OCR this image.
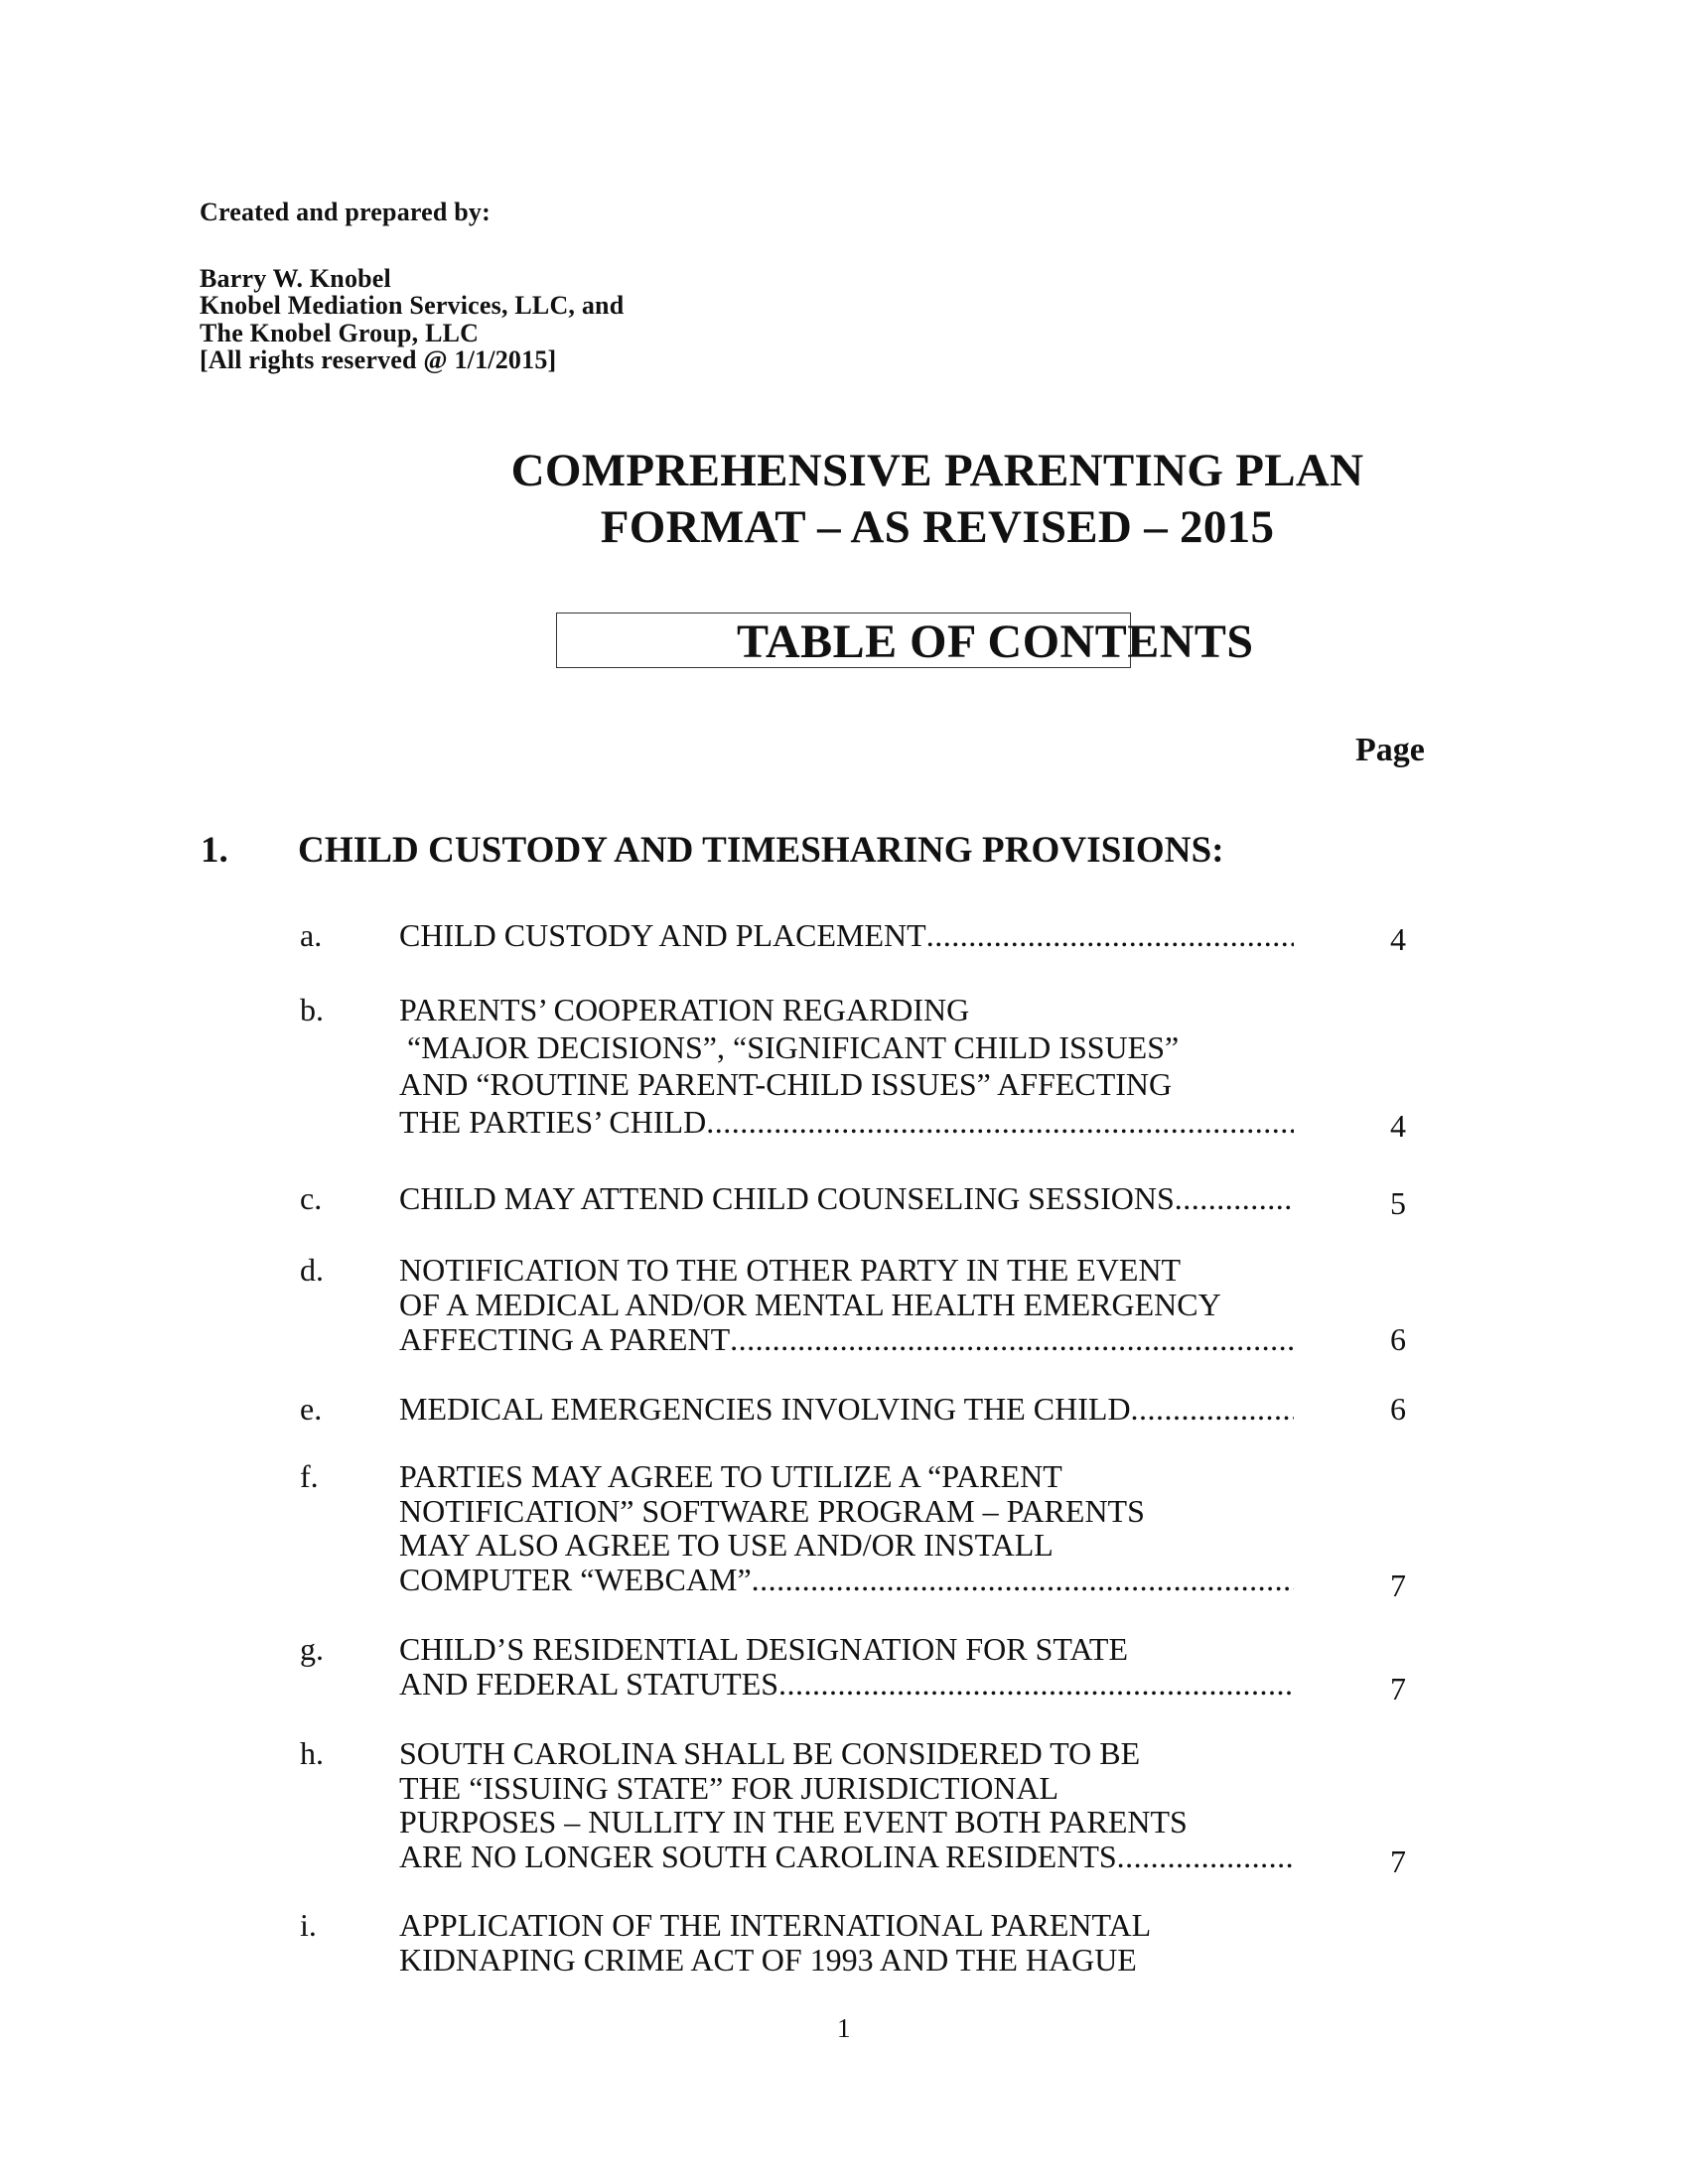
Created and prepared by:
Barry W. Knobel
Knobel Mediation Services, LLC, and
The Knobel Group, LLC
[All rights reserved @ 1/1/2015]
COMPREHENSIVE PARENTING PLAN
FORMAT – AS REVISED – 2015
TABLE OF CONTENTS
Page
1. CHILD CUSTODY AND TIMESHARING PROVISIONS:
a. CHILD CUSTODY AND PLACEMENT .....	4
b. PARENTS’ COOPERATION REGARDING
“MAJOR DECISIONS”, “SIGNIFICANT CHILD ISSUES”
AND “ROUTINE PARENT-CHILD ISSUES” AFFECTING
THE PARTIES’ CHILD .....	4
c. CHILD MAY ATTEND CHILD COUNSELING SESSIONS .....	5
d. NOTIFICATION TO THE OTHER PARTY IN THE EVENT
OF A MEDICAL AND/OR MENTAL HEALTH EMERGENCY
AFFECTING A PARENT .....	6
e. MEDICAL EMERGENCIES INVOLVING THE CHILD .....	6
f.	PARTIES MAY AGREE TO UTILIZE A “PARENT
NOTIFICATION” SOFTWARE PROGRAM – PARENTS
MAY ALSO AGREE TO USE AND/OR INSTALL
COMPUTER “WEBCAM” .....	7
g. CHILD’S RESIDENTIAL DESIGNATION FOR STATE
AND FEDERAL STATUTES .....	7
h. SOUTH CAROLINA SHALL BE CONSIDERED TO BE
THE “ISSUING STATE” FOR JURISDICTIONAL
PURPOSES – NULLITY IN THE EVENT BOTH PARENTS
ARE NO LONGER SOUTH CAROLINA RESIDENTS .....	7
i.	APPLICATION OF THE INTERNATIONAL PARENTAL
KIDNAPING CRIME ACT OF 1993 AND THE HAGUE
1
